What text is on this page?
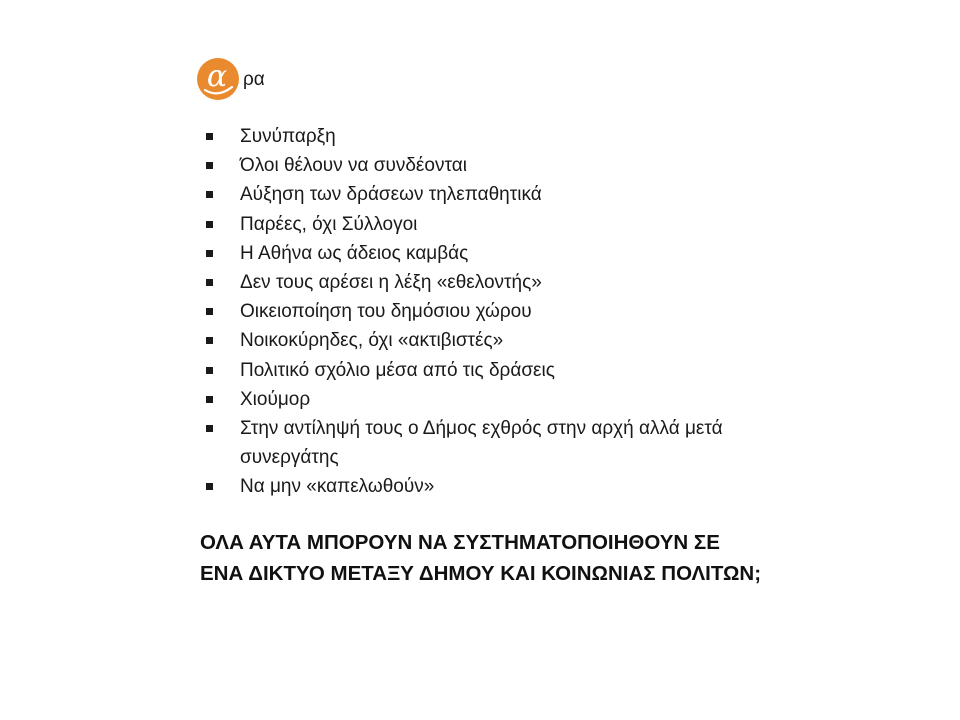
α ρα
Συνύπαρξη
Όλοι θέλουν να συνδέονται
Αύξηση των δράσεων τηλεπαθητικά
Παρέες, όχι Σύλλογοι
Η Αθήνα ως άδειος καμβάς
Δεν τους αρέσει η λέξη «εθελοντής»
Οικειοποίηση του δημόσιου χώρου
Νοικοκύρηδες, όχι «ακτιβιστές»
Πολιτικό σχόλιο μέσα από τις δράσεις
Χιούμορ
Στην αντίληψή τους ο Δήμος εχθρός στην αρχή αλλά μετά συνεργάτης
Να μην «καπελωθούν»

ΟΛΑ ΑΥΤΑ ΜΠΟΡΟΥΝ ΝΑ ΣΥΣΤΗΜΑΤΟΠΟΙΗΘΟΥΝ ΣΕ
ΕΝΑ ΔΙΚΤΥΟ ΜΕΤΑΞΥ ΔΗΜΟΥ ΚΑΙ ΚΟΙΝΩΝΙΑΣ ΠΟΛΙΤΩΝ;
